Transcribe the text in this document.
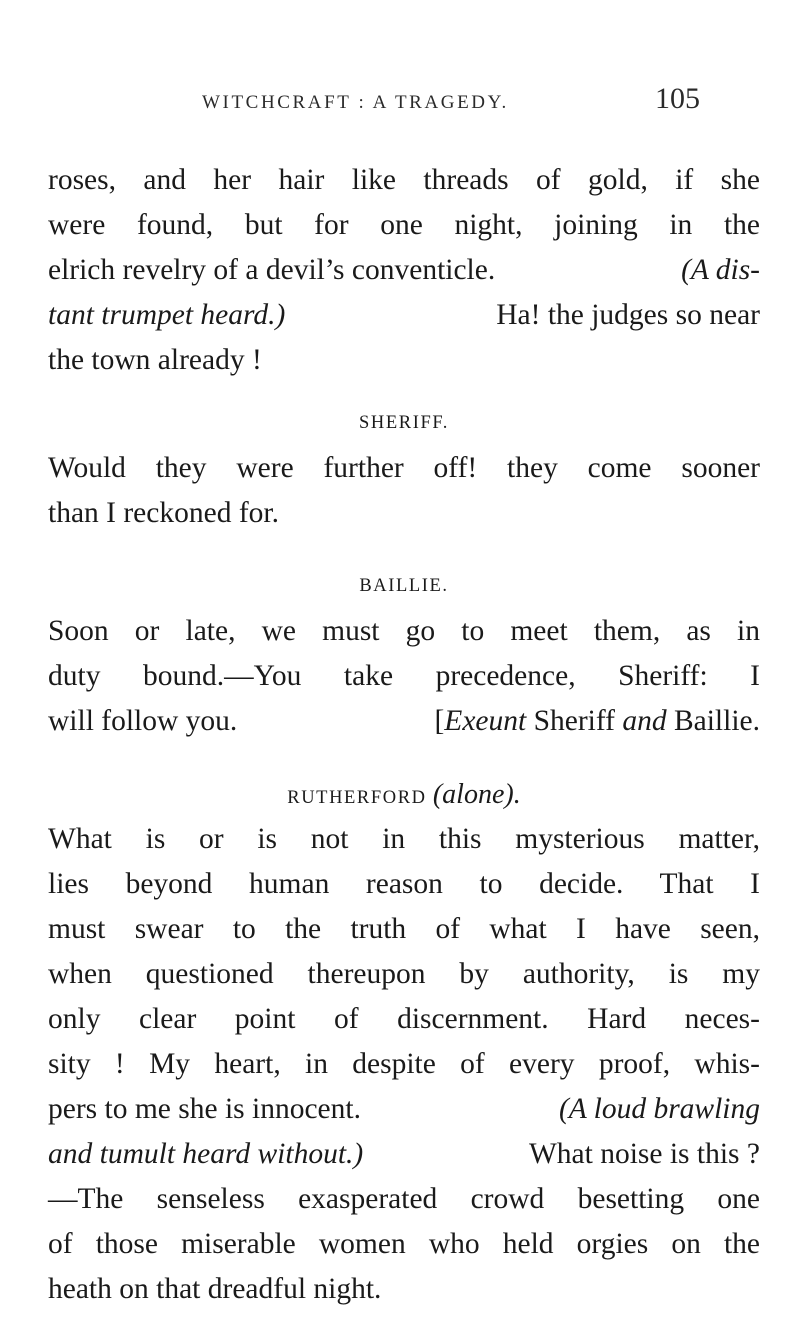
WITCHCRAFT : A TRAGEDY.	105
roses, and her hair like threads of gold, if she
were found, but for one night, joining in the
elrich revelry of a devil’s conventicle.	(A dis-
tant trumpet heard.)	Ha! the judges so near
the town already !

SHERIFF.

Would they were further off! they come sooner
than I reckoned for.

BAILLIE.

Soon or late, we must go to meet them, as in
duty bound.—You take precedence, Sheriff: I
will follow you.	[Exeunt Sheriff and Baillie.

RUTHERFORD (alone).

What is or is not in this mysterious matter,
lies beyond human reason to decide. That I
must swear to the truth of what I have seen,
when questioned thereupon by authority, is my
only clear point of discernment. Hard neces-
sity ! My heart, in despite of every proof, whis-
pers to me she is innocent.	(A loud brawling
and tumult heard without.)	What noise is this ?
—The senseless exasperated crowd besetting one
of those miserable women who held orgies on the
heath on that dreadful night.
